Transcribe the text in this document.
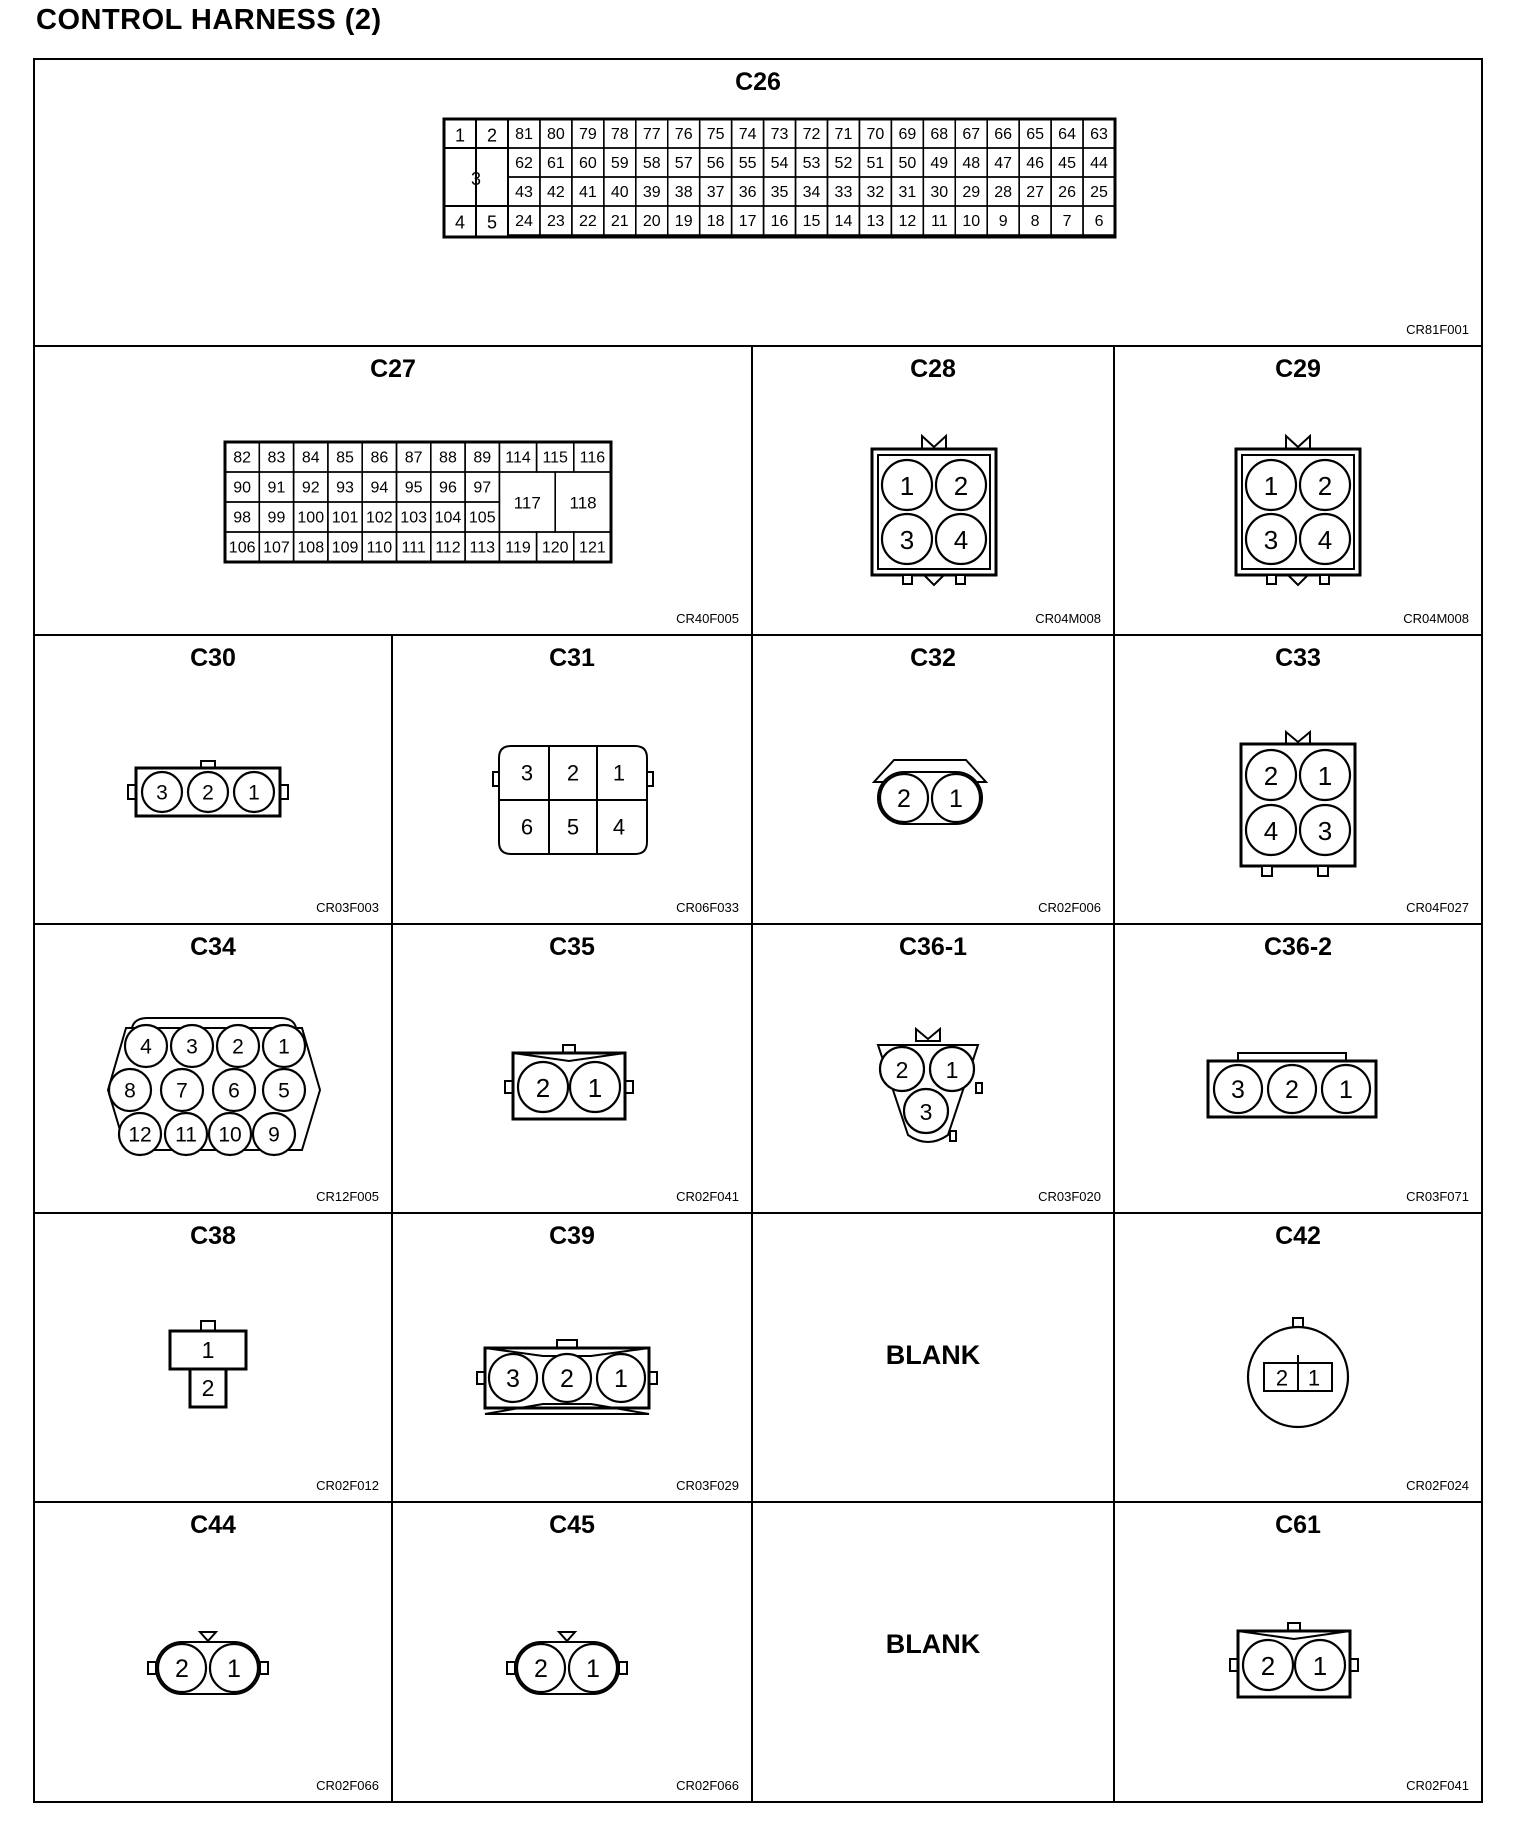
CONTROL HARNESS (2)
C26
CR81F001
1 2
3
4 5
81 80 79 78 77 76 75 74 73 72 71 70 69 68 67 66 65 64 63
62 61 60 59 58 57 56 55 54 53 52 51 50 49 48 47 46 45 44
43 42 41 40 39 38 37 36 35 34 33 32 31 30 29 28 27 26 25
24 23 22 21 20 19 18 17 16 15 14 13 12 11 10 9 8 7 6
C27
CR40F005
82 83 84 85 86 87 88 89
90 91 92 93 94 95 96 97
98 99 100 101 102 103 104 105
106 107 108 109 110 111 112 113
114 115 116
119 120 121
117 118
C28
CR04M008
1 2
3 4
C29
CR04M008
1 2
3 4
C30
CR03F003
3 2 1
C31
CR06F033
3 2 1
6 5 4
C32
CR02F006
2 1
C33
CR04F027
2 1
4 3
C34
CR12F005
4 3 2 1
8 7 6 5
12 11 10 9
C35
CR02F041
2 1
C36-1
CR03F020
2 1
3
C36-2
CR03F071
3 2 1
C38
CR02F012
1
2
C39
CR03F029
3 2 1
BLANK
C42
CR02F024
2 1
C44
CR02F066
2 1
C45
CR02F066
2 1
BLANK
C61
CR02F041
2 1
